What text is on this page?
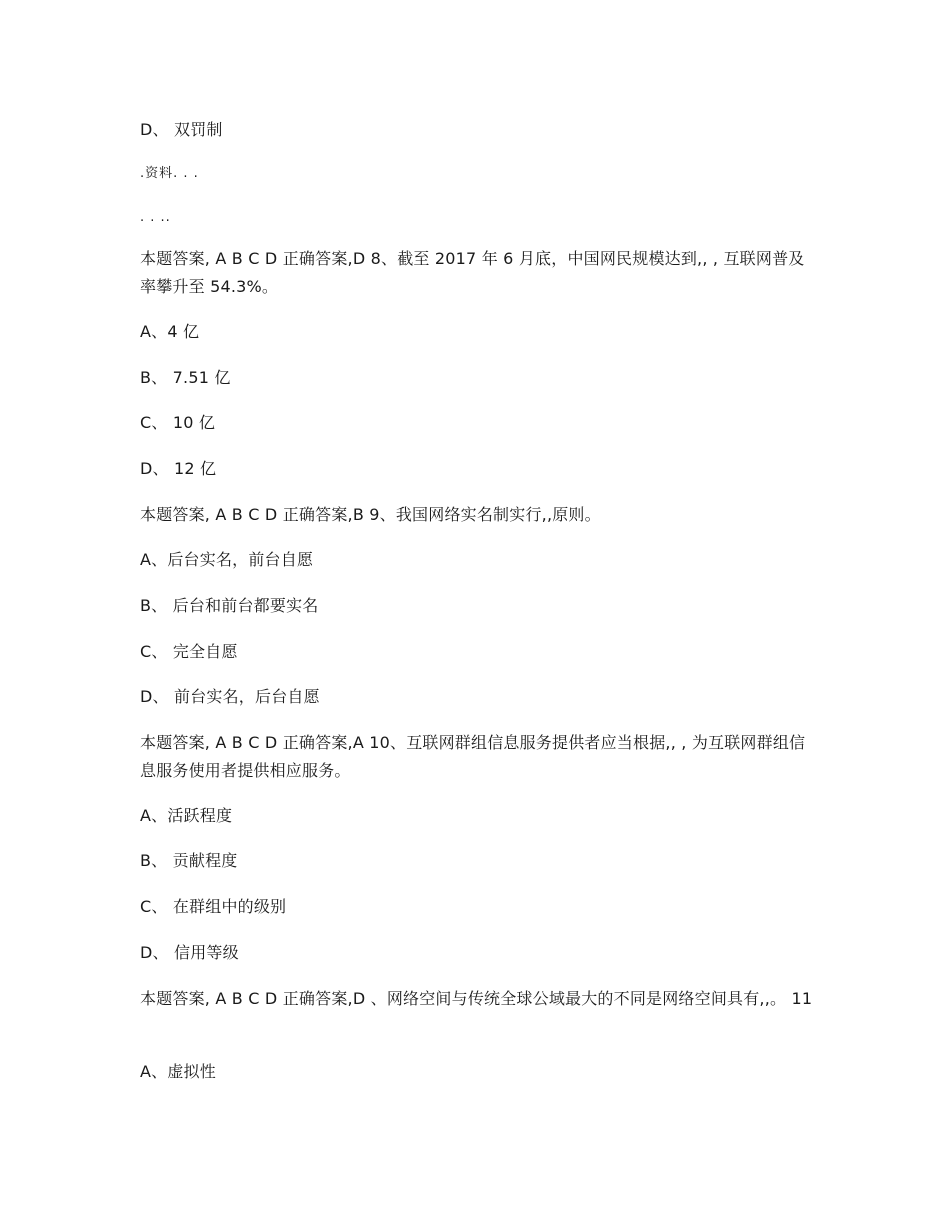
D、 双罚制
.资料. . .
. . ..
本题答案, A B C D 正确答案,D 8、截至 2017 年 6 月底，中国网民规模达到,, , 互联网普及率攀升至 54.3%。
A、4 亿
B、 7.51 亿
C、 10 亿
D、 12 亿
本题答案, A B C D 正确答案,B 9、我国网络实名制实行,,原则。
A、后台实名，前台自愿
B、 后台和前台都要实名
C、 完全自愿
D、 前台实名，后台自愿
本题答案, A B C D 正确答案,A 10、互联网群组信息服务提供者应当根据,, , 为互联网群组信息服务使用者提供相应服务。
A、活跃程度
B、 贡献程度
C、 在群组中的级别
D、 信用等级
本题答案, A B C D 正确答案,D 、网络空间与传统全球公域最大的不同是网络空间具有,,。 11
A、虚拟性
